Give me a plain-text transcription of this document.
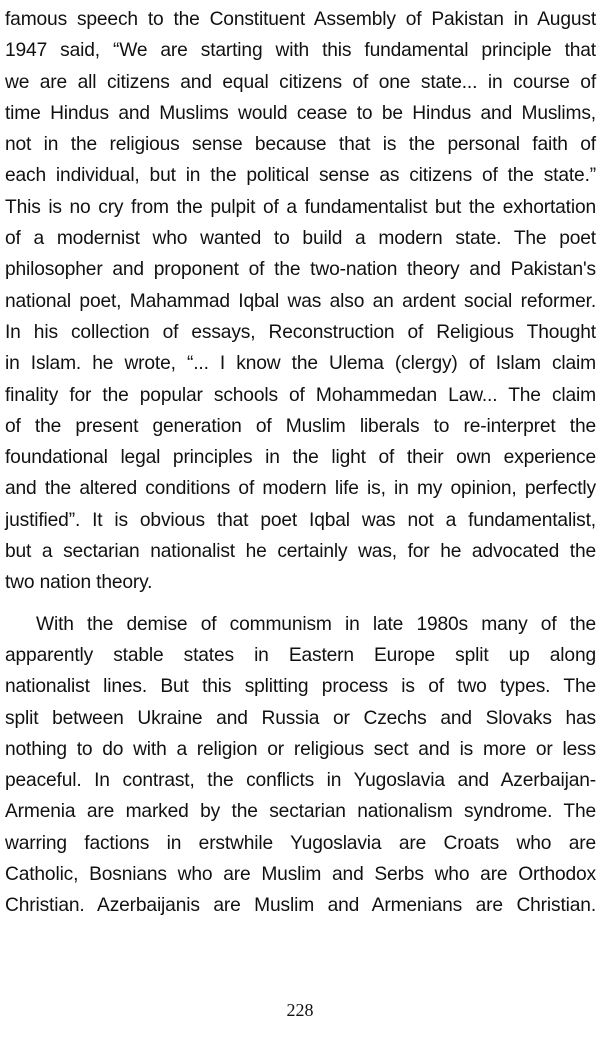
famous speech to the Constituent Assembly of Pakistan in August
1947 said, “We are starting with this fundamental principle that
we are all citizens and equal citizens of one state... in course of
time Hindus and Muslims would cease to be Hindus and Muslims,
not in the religious sense because that is the personal faith of
each individual, but in the political sense as citizens of the state.”
This is no cry from the pulpit of a fundamentalist but the exhortation
of a modernist who wanted to build a modern state. The poet
philosopher and proponent of the two-nation theory and Pakistan's
national poet, Mahammad Iqbal was also an ardent social reformer.
In his collection of essays, Reconstruction of Religious Thought
in Islam. he wrote, “... I know the Ulema (clergy) of Islam claim
finality for the popular schools of Mohammedan Law... The claim
of the present generation of Muslim liberals to re-interpret the
foundational legal principles in the light of their own experience
and the altered conditions of modern life is, in my opinion, perfectly
justified”. It is obvious that poet Iqbal was not a fundamentalist,
but a sectarian nationalist he certainly was, for he advocated the
two nation theory.

With the demise of communism in late 1980s many of the
apparently stable states in Eastern Europe split up along
nationalist lines. But this splitting process is of two types. The
split between Ukraine and Russia or Czechs and Slovaks has
nothing to do with a religion or religious sect and is more or less
peaceful. In contrast, the conflicts in Yugoslavia and Azerbaijan-
Armenia are marked by the sectarian nationalism syndrome. The
warring factions in erstwhile Yugoslavia are Croats who are
Catholic, Bosnians who are Muslim and Serbs who are Orthodox
Christian. Azerbaijanis are Muslim and Armenians are Christian.

228
